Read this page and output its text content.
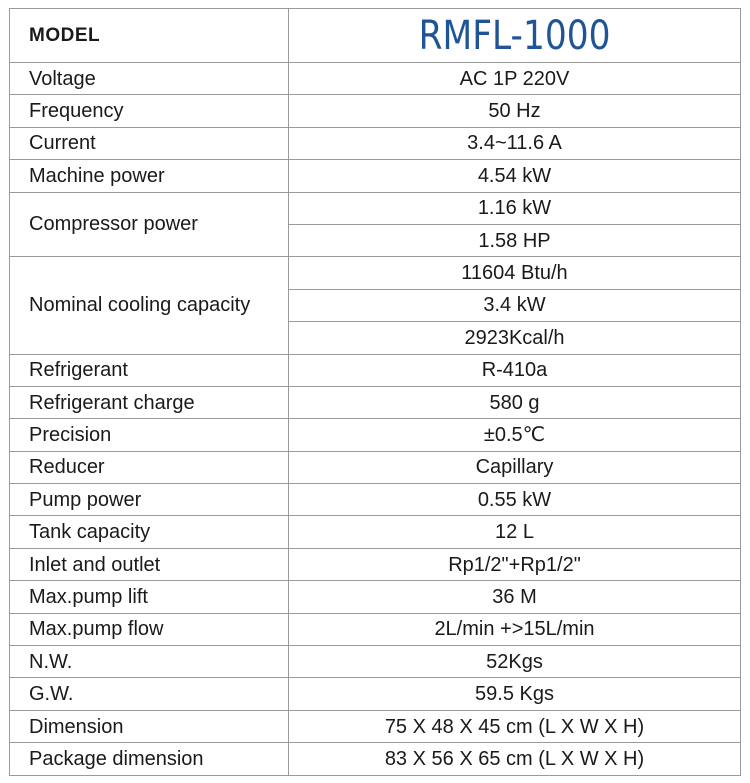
MODEL	RMFL-1000
Voltage	AC 1P 220V
Frequency	50 Hz
Current	3.4~11.6 A
Machine power	4.54 kW
Compressor power	1.16 kW
	1.58 HP
Nominal cooling capacity	11604 Btu/h
	3.4 kW
	2923Kcal/h
Refrigerant	R-410a
Refrigerant charge	580 g
Precision	±0.5℃
Reducer	Capillary
Pump power	0.55 kW
Tank capacity	12 L
Inlet and outlet	Rp1/2"+Rp1/2"
Max.pump lift	36 M
Max.pump flow	2L/min +>15L/min
N.W.	52Kgs
G.W.	59.5 Kgs
Dimension	75 X 48 X 45 cm (L X W X H)
Package dimension	83 X 56 X 65 cm (L X W X H)
